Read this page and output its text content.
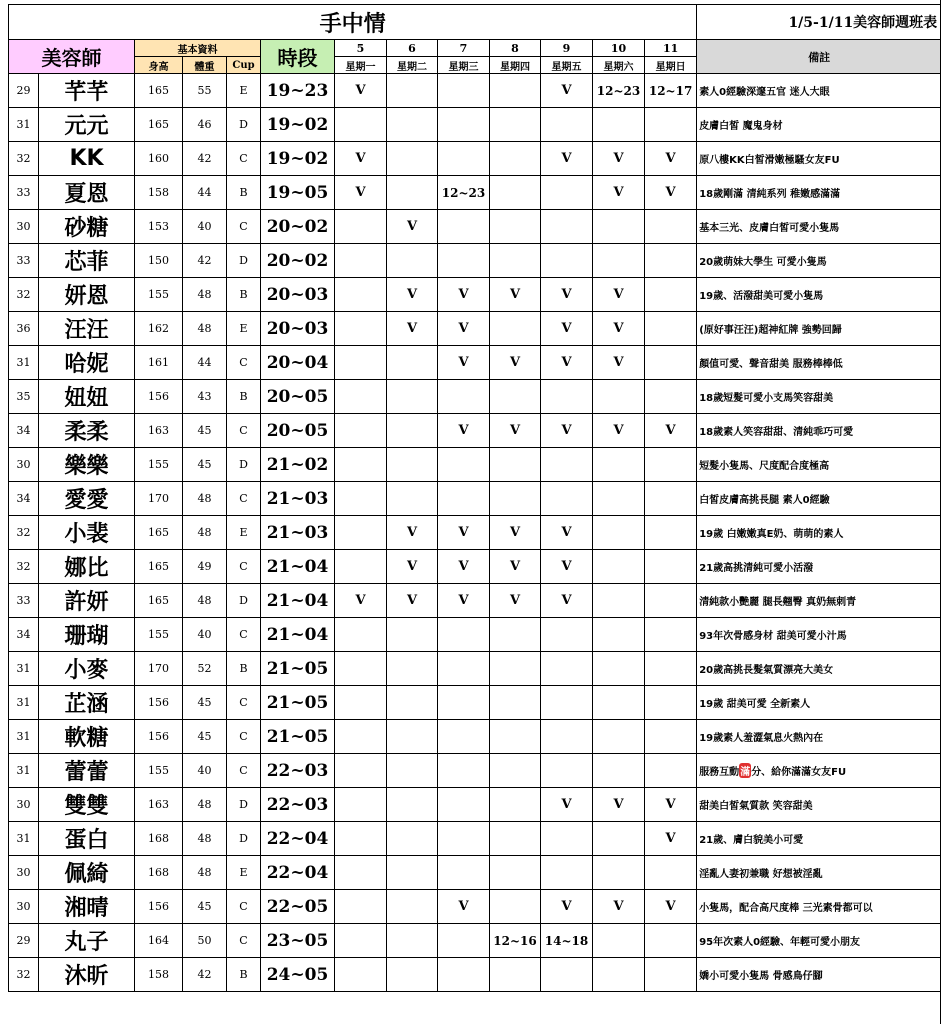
手中情													1/5-1/11美容師週班表
美容師		基本資料			時段	5	6	7	8	9	10	11	備註
		身高	體重	Cup		星期一	星期二	星期三	星期四	星期五	星期六	星期日	
29	芊芊	165	55	E	19~23	V				V	12~23	12~17	素人0經驗深邃五官 迷人大眼
31	元元	165	46	D	19~02								皮膚白皙 魔鬼身材
32	KK	160	42	C	19~02	V				V	V	V	原八樓KK白皙滑嫩極騷女友FU
33	夏恩	158	44	B	19~05	V		12~23			V	V	18歲剛滿 清純系列 稚嫩感滿滿
30	砂糖	153	40	C	20~02		V						基本三光、皮膚白皙可愛小隻馬
33	芯菲	150	42	D	20~02								20歲萌妹大學生 可愛小隻馬
32	妍恩	155	48	B	20~03		V	V	V	V	V		19歲、活潑甜美可愛小隻馬
36	汪汪	162	48	E	20~03		V	V		V	V		(原好事汪汪)超神紅牌 強勢回歸
31	哈妮	161	44	C	20~04			V	V	V	V		顏值可愛、聲音甜美 服務棒棒低
35	妞妞	156	43	B	20~05								18歲短髮可愛小支馬笑容甜美
34	柔柔	163	45	C	20~05			V	V	V	V	V	18歲素人笑容甜甜、清純乖巧可愛
30	樂樂	155	45	D	21~02								短髮小隻馬、尺度配合度極高
34	愛愛	170	48	C	21~03								白皙皮膚高挑長腿 素人0經驗
32	小裴	165	48	E	21~03		V	V	V	V			19歲 白嫩嫩真E奶、萌萌的素人
32	娜比	165	49	C	21~04		V	V	V	V			21歲高挑清純可愛小活潑
33	許妍	165	48	D	21~04	V	V	V	V	V			清純款小艷麗 腿長翹臀 真奶無刺青
34	珊瑚	155	40	C	21~04								93年次骨感身材 甜美可愛小汁馬
31	小麥	170	52	B	21~05								20歲高挑長髮氣質漂亮大美女
31	芷涵	156	45	C	21~05								19歲 甜美可愛 全新素人
31	軟糖	156	45	C	21~05								19歲素人羞澀氣息火熱內在
31	蕾蕾	155	40	C	22~03								服務互動滿分、給你滿滿女友FU
30	雙雙	163	48	D	22~03					V	V	V	甜美白皙氣質款 笑容甜美
31	蛋白	168	48	D	22~04							V	21歲、膚白貌美小可愛
30	佩綺	168	48	E	22~04								淫亂人妻初兼職 好想被淫亂
30	湘晴	156	45	C	22~05			V		V	V	V	小隻馬，配合高尺度棒 三光素骨都可以
29	丸子	164	50	C	23~05				12~16	14~18			95年次素人0經驗、年輕可愛小朋友
32	沐昕	158	42	B	24~05								嬌小可愛小隻馬 骨感鳥仔腳
